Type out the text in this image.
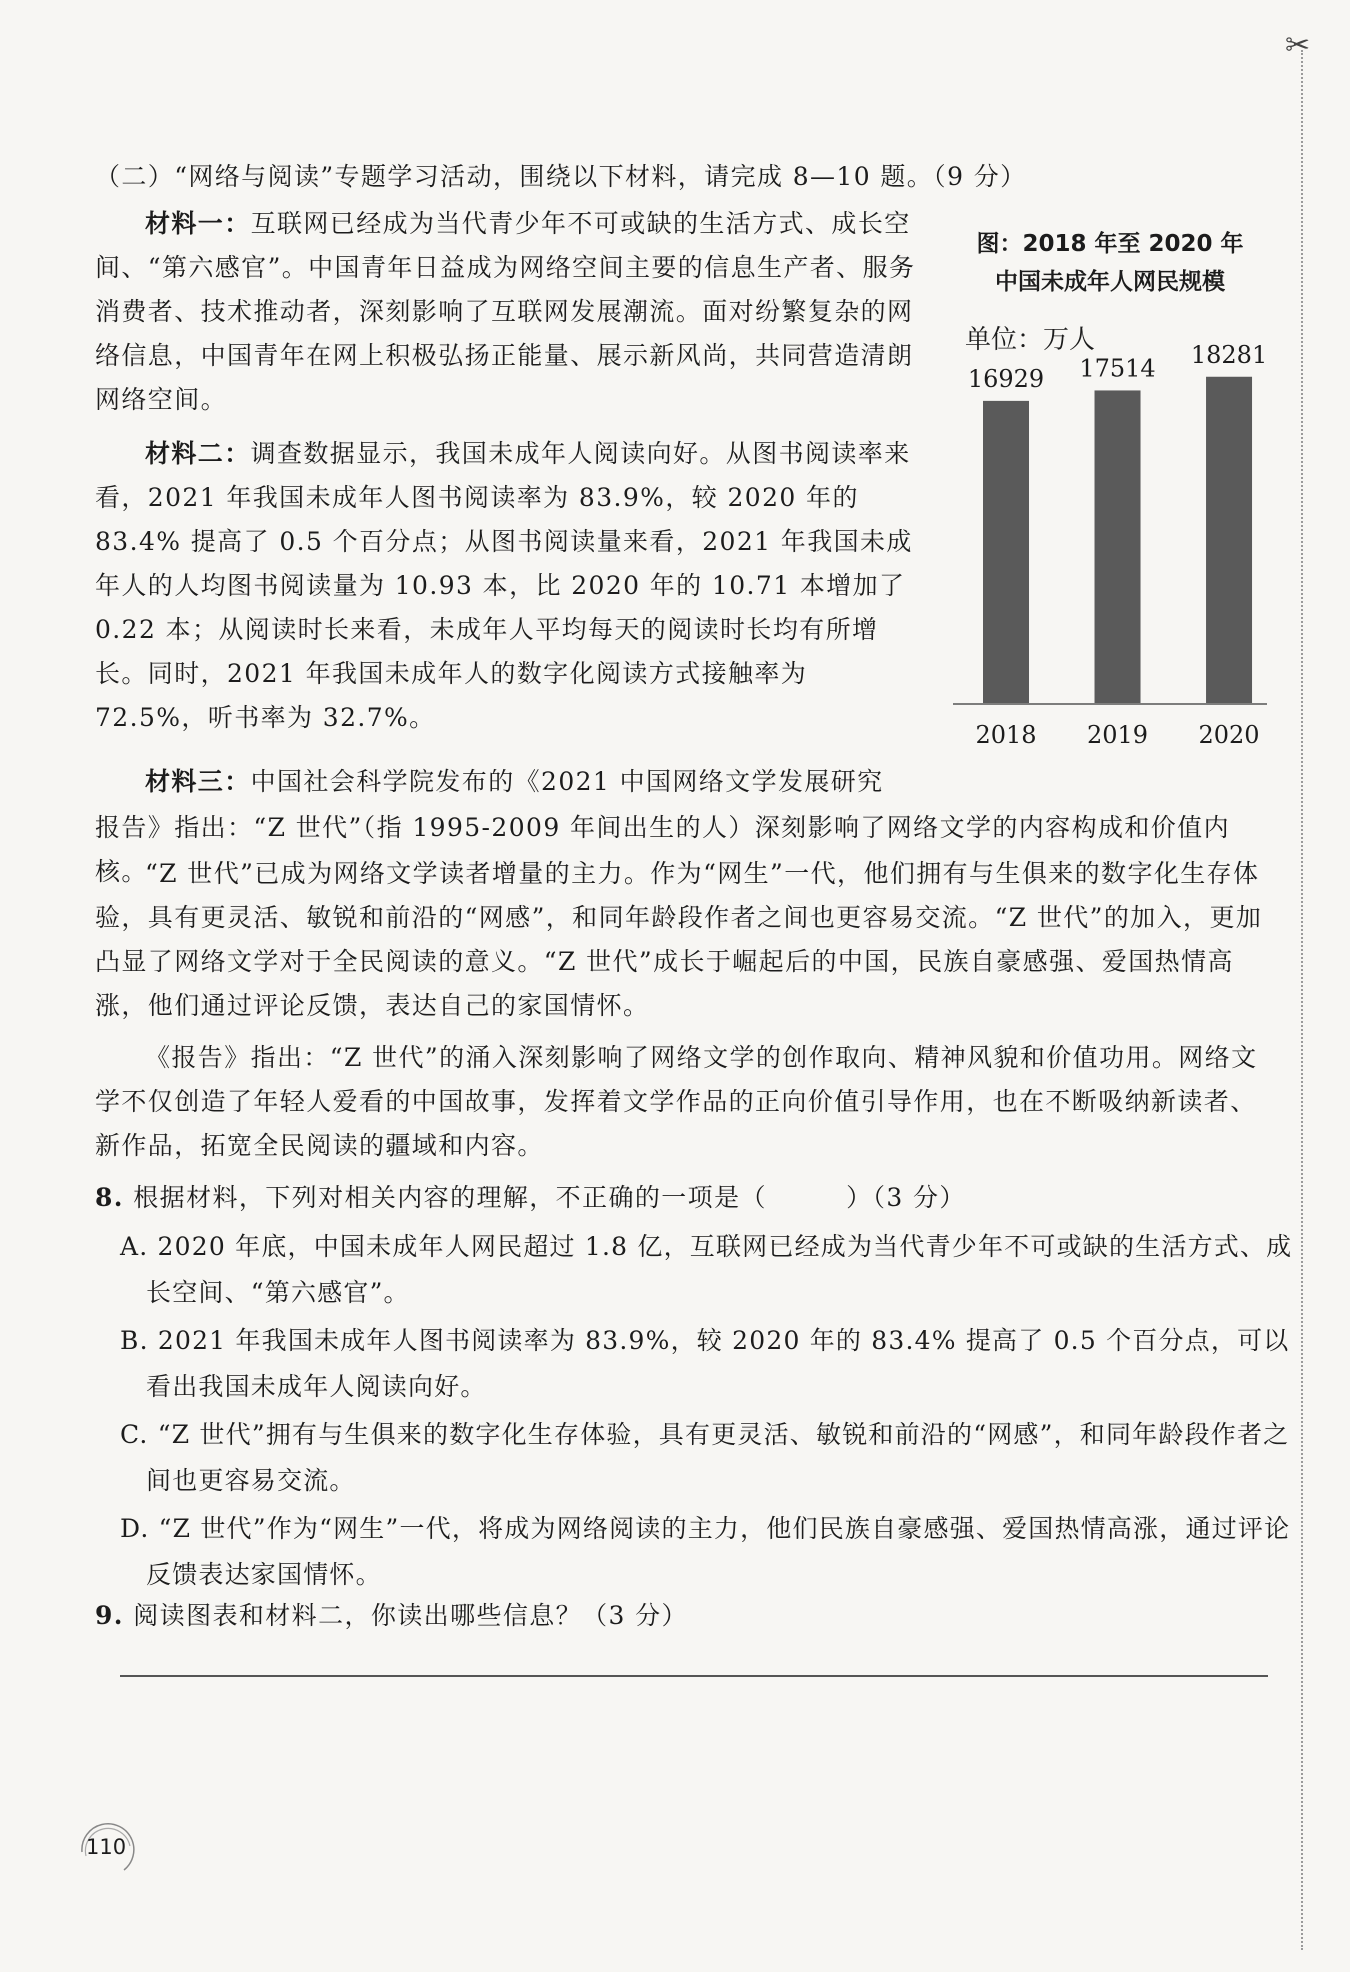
✂

（二）“网络与阅读”专题学习活动，围绕以下材料，请完成 8—10 题。（9 分）

材料一：互联网已经成为当代青少年不可或缺的生活方式、成长空间、“第六感官”。中国青年日益成为网络空间主要的信息生产者、服务消费者、技术推动者，深刻影响了互联网发展潮流。面对纷繁复杂的网络信息，中国青年在网上积极弘扬正能量、展示新风尚，共同营造清朗网络空间。

材料二：调查数据显示，我国未成年人阅读向好。从图书阅读率来看，2021 年我国未成年人图书阅读率为 83.9%，较 2020 年的 83.4% 提高了 0.5 个百分点；从图书阅读量来看，2021 年我国未成年人的人均图书阅读量为 10.93 本，比 2020 年的 10.71 本增加了 0.22 本；从阅读时长来看，未成年人平均每天的阅读时长均有所增长。同时，2021 年我国未成年人的数字化阅读方式接触率为 72.5%，听书率为 32.7%。

图：2018 年至 2020 年
中国未成年人网民规模

单位：万人
16929
2018
17514
2019
18281
2020

材料三：中国社会科学院发布的《2021 中国网络文学发展研究

报告》指出：“Z 世代”（指 1995-2009 年间出生的人）深刻影响了网络文学的内容构成和价值内核。

“Z 世代”已成为网络文学读者增量的主力。作为“网生”一代，他们拥有与生俱来的数字化生存体验，具有更灵活、敏锐和前沿的“网感”，和同年龄段作者之间也更容易交流。“Z 世代”的加入，更加凸显了网络文学对于全民阅读的意义。“Z 世代”成长于崛起后的中国，民族自豪感强、爱国热情高涨，他们通过评论反馈，表达自己的家国情怀。

《报告》指出：“Z 世代”的涌入深刻影响了网络文学的创作取向、精神风貌和价值功用。网络文学不仅创造了年轻人爱看的中国故事，发挥着文学作品的正向价值引导作用，也在不断吸纳新读者、新作品，拓宽全民阅读的疆域和内容。

8. 根据材料，下列对相关内容的理解，不正确的一项是（　　　）（3 分）

A. 2020 年底，中国未成年人网民超过 1.8 亿，互联网已经成为当代青少年不可或缺的生活方式、成长空间、“第六感官”。

B. 2021 年我国未成年人图书阅读率为 83.9%，较 2020 年的 83.4% 提高了 0.5 个百分点，可以看出我国未成年人阅读向好。

C. “Z 世代”拥有与生俱来的数字化生存体验，具有更灵活、敏锐和前沿的“网感”，和同年龄段作者之间也更容易交流。

D. “Z 世代”作为“网生”一代，将成为网络阅读的主力，他们民族自豪感强、爱国热情高涨，通过评论反馈表达家国情怀。

9. 阅读图表和材料二，你读出哪些信息？（3 分）

110
